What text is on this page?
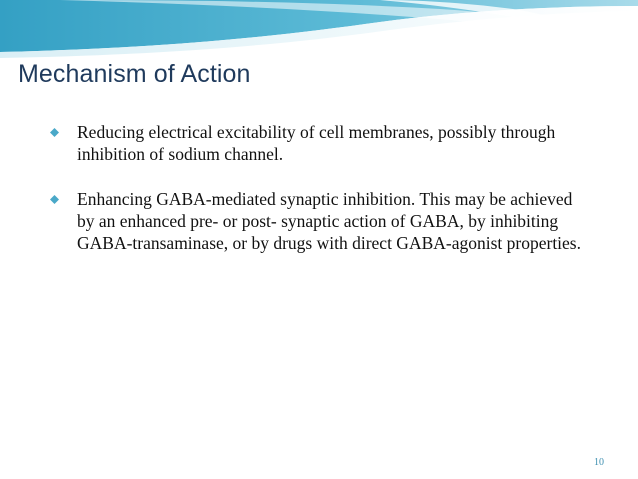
Mechanism of Action
Reducing electrical excitability of cell membranes, possibly through inhibition of sodium channel.
Enhancing GABA-mediated synaptic inhibition. This may be achieved by an enhanced pre- or post- synaptic action of GABA, by inhibiting GABA-transaminase, or by drugs with direct GABA-agonist properties.
10
